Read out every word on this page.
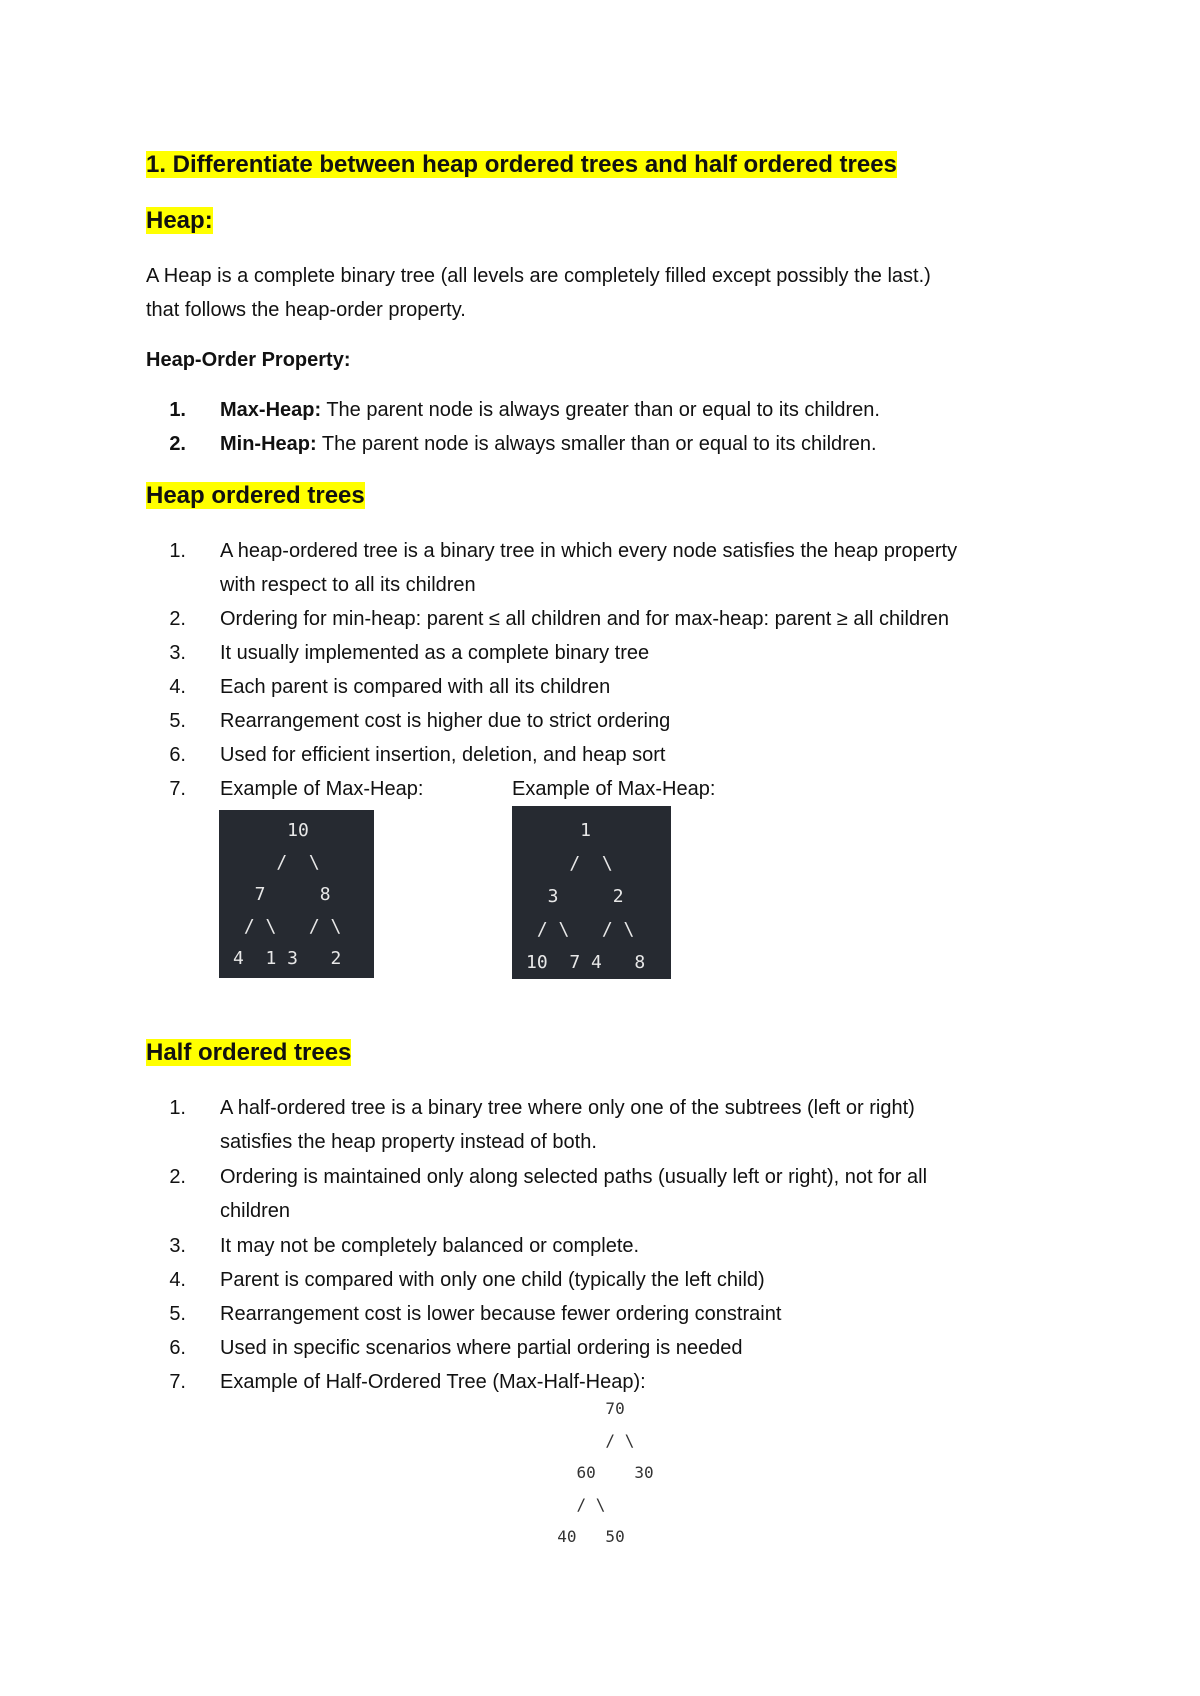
1. Differentiate between heap ordered trees and half ordered trees
Heap:
A Heap is a complete binary tree (all levels are completely filled except possibly the last.)
that follows the heap-order property.
Heap-Order Property:
1. Max-Heap: The parent node is always greater than or equal to its children.
2. Min-Heap: The parent node is always smaller than or equal to its children.
Heap ordered trees
1. A heap-ordered tree is a binary tree in which every node satisfies the heap property
with respect to all its children
2. Ordering for min-heap: parent ≤ all children and for max-heap: parent ≥ all children
3. It usually implemented as a complete binary tree
4. Each parent is compared with all its children
5. Rearrangement cost is higher due to strict ordering
6. Used for efficient insertion, deletion, and heap sort
7. Example of Max-Heap:	Example of Max-Heap:
10
/  \
7     8
/ \   / \
4  1 3   2
1
/  \
3     2
/ \   / \
10  7 4   8
Half ordered trees
1. A half-ordered tree is a binary tree where only one of the subtrees (left or right)
satisfies the heap property instead of both.
2. Ordering is maintained only along selected paths (usually left or right), not for all
children
3. It may not be completely balanced or complete.
4. Parent is compared with only one child (typically the left child)
5. Rearrangement cost is lower because fewer ordering constraint
6. Used in specific scenarios where partial ordering is needed
7. Example of Half-Ordered Tree (Max-Half-Heap):
70
/ \
60    30
/ \
40   50
